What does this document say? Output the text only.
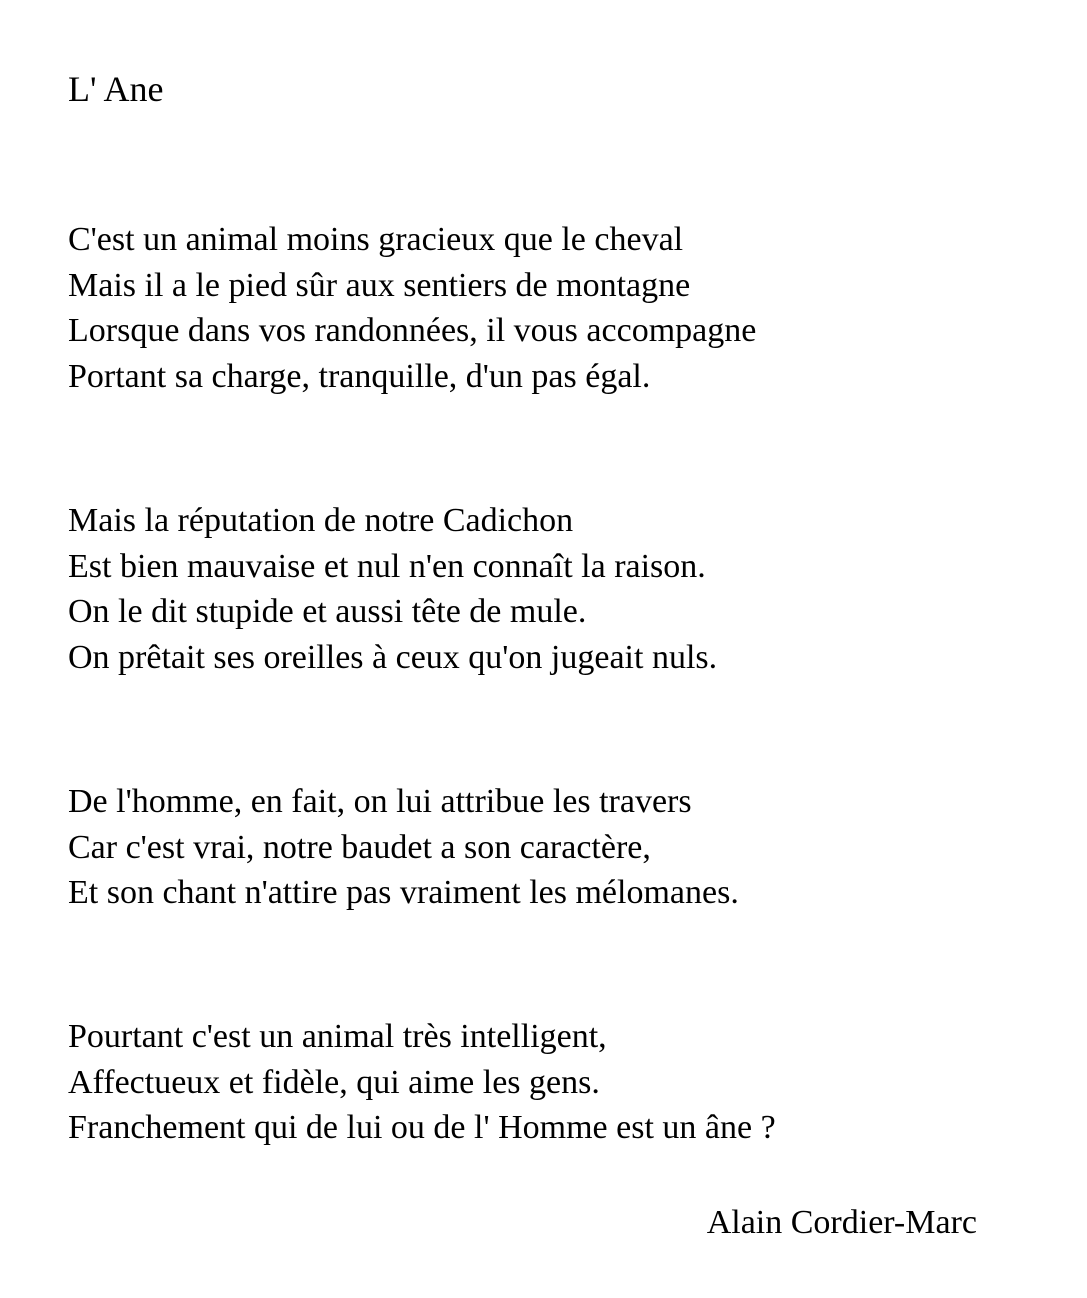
L' Ane
C'est un animal moins gracieux que le cheval
Mais il a le pied sûr aux sentiers de montagne
Lorsque dans vos randonnées, il vous accompagne
Portant sa charge, tranquille, d'un pas égal.
Mais la réputation de notre Cadichon
Est bien mauvaise et nul n'en connaît la raison.
On le dit stupide et aussi tête de mule.
On prêtait ses oreilles à ceux qu'on jugeait nuls.
De l'homme, en fait, on lui attribue les travers
Car c'est vrai, notre baudet a son caractère,
Et son chant n'attire pas vraiment les mélomanes.
Pourtant c'est un animal très intelligent,
Affectueux et fidèle, qui aime les gens.
Franchement qui de lui ou de l' Homme est un âne ?

Alain Cordier-Marc
